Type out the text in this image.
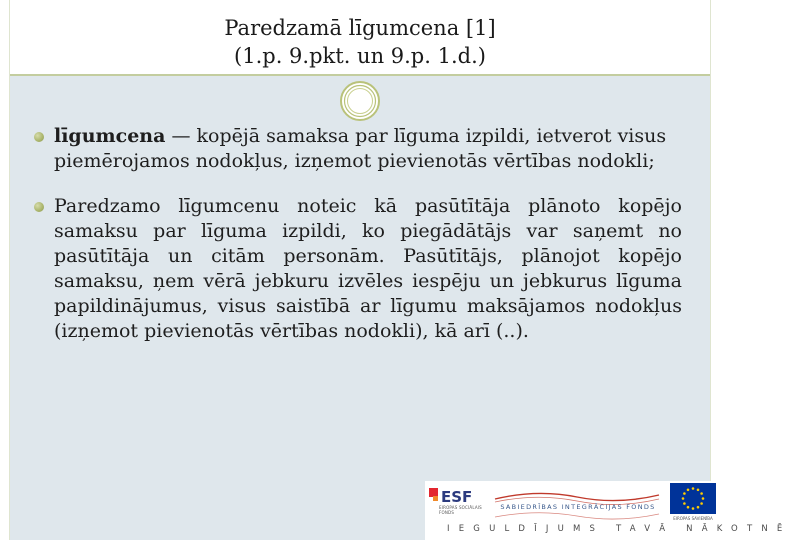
Paredzamā līgumcena [1]
(1.p. 9.pkt. un 9.p. 1.d.)
līgumcena — kopējā samaksa par līguma izpildi, ietverot visus piemērojamos nodokļus, izņemot pievienotās vērtības nodokli;
Paredzamo līgumcenu noteic kā pasūtītāja plānoto kopējo samaksu par līguma izpildi, ko piegādātājs var saņemt no pasūtītāja un citām personām. Pasūtītājs, plānojot kopējo samaksu, ņem vērā jebkuru izvēles iespēju un jebkurus līguma papildinājumus, visus saistībā ar līgumu maksājamos nodokļus (izņemot pievienotās vērtības nodokli), kā arī (..).
ESF
EIROPAS SOCIĀLAIS FONDS
SABIEDRĪBAS INTEGRĀCIJAS FONDS
EIROPAS SAVIENĪBA
IEGULDĪJUMS TAVĀ NĀKOTNĒ
